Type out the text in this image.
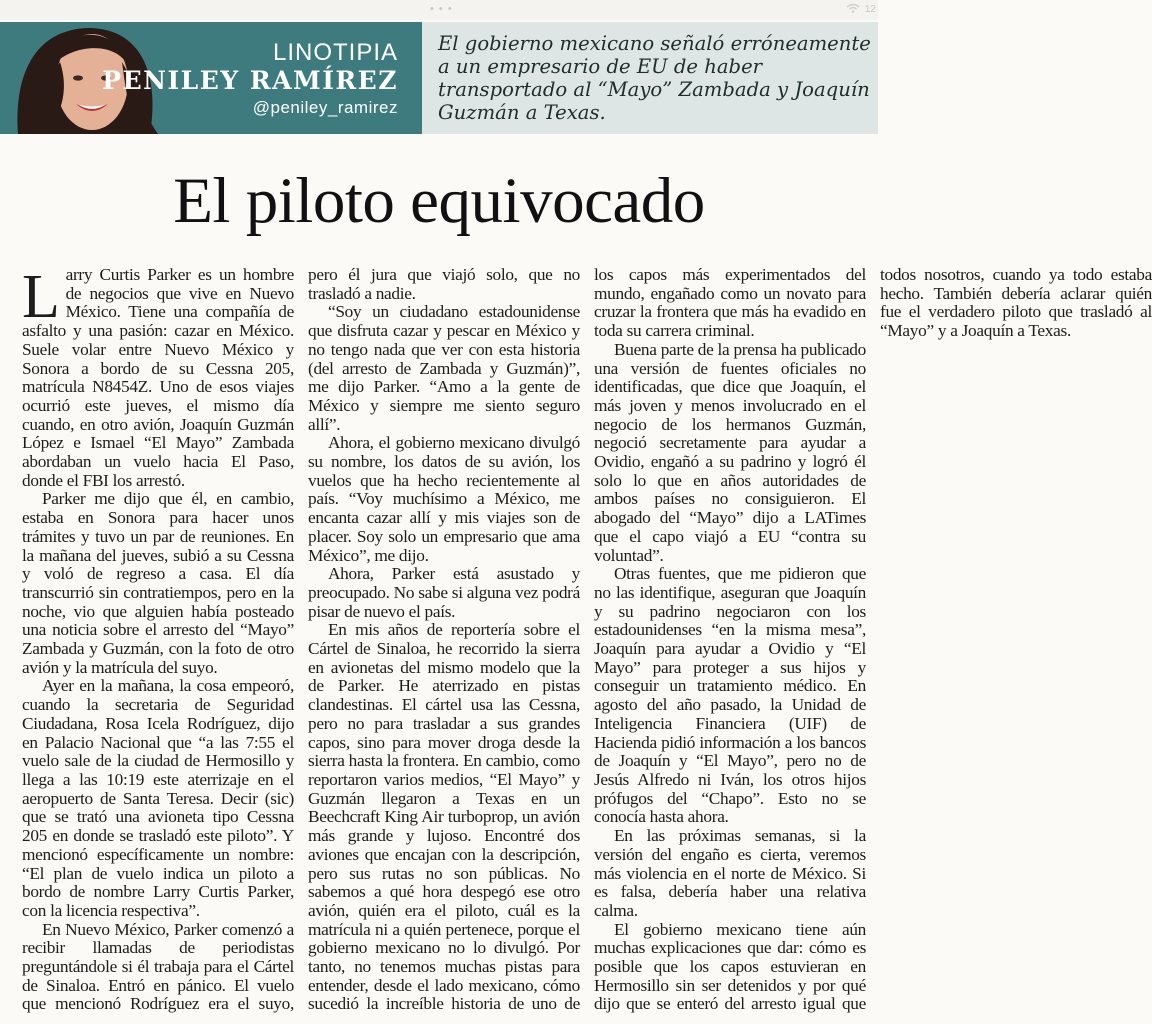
• • •	12
LINOTIPIA
PENILEY RAMÍREZ
@peniley_ramirez
El gobierno mexicano señaló erróneamente a un empresario de EU de haber transportado al “Mayo” Zambada y Joaquín Guzmán a Texas.
El piloto equivocado

Larry Curtis Parker es un hombre de negocios que vive en Nuevo México. Tiene una compañía de asfalto y una pasión: cazar en México. Suele volar entre Nuevo México y Sonora a bordo de su Cessna 205, matrícula N8454Z. Uno de esos viajes ocurrió este jueves, el mismo día cuando, en otro avión, Joaquín Guzmán López e Ismael “El Mayo” Zambada abordaban un vuelo hacia El Paso, donde el FBI los arrestó.

Parker me dijo que él, en cambio, estaba en Sonora para hacer unos trámites y tuvo un par de reuniones. En la mañana del jueves, subió a su Cessna y voló de regreso a casa. El día transcurrió sin contratiempos, pero en la noche, vio que alguien había posteado una noticia sobre el arresto del “Mayo” Zambada y Guzmán, con la foto de otro avión y la matrícula del suyo.

Ayer en la mañana, la cosa empeoró, cuando la secretaria de Seguridad Ciudadana, Rosa Icela Rodríguez, dijo en Palacio Nacional que “a las 7:55 el vuelo sale de la ciudad de Hermosillo y llega a las 10:19 este aterrizaje en el aeropuerto de Santa Teresa. Decir (sic) que se trató una avioneta tipo Cessna 205 en donde se trasladó este piloto”. Y mencionó específicamente un nombre: “El plan de vuelo indica un piloto a bordo de nombre Larry Curtis Parker, con la licencia respectiva”.

En Nuevo México, Parker comenzó a recibir llamadas de periodistas preguntándole si él trabaja para el Cártel de Sinaloa. Entró en pánico. El vuelo que mencionó Rodríguez era el suyo, pero él jura que viajó solo, que no trasladó a nadie.

“Soy un ciudadano estadounidense que disfruta cazar y pescar en México y no tengo nada que ver con esta historia (del arresto de Zambada y Guzmán)”, me dijo Parker. “Amo a la gente de México y siempre me siento seguro allí”.

Ahora, el gobierno mexicano divulgó su nombre, los datos de su avión, los vuelos que ha hecho recientemente al país. “Voy muchísimo a México, me encanta cazar allí y mis viajes son de placer. Soy solo un empresario que ama México”, me dijo.

Ahora, Parker está asustado y preocupado. No sabe si alguna vez podrá pisar de nuevo el país.

En mis años de reportería sobre el Cártel de Sinaloa, he recorrido la sierra en avionetas del mismo modelo que la de Parker. He aterrizado en pistas clandestinas. El cártel usa las Cessna, pero no para trasladar a sus grandes capos, sino para mover droga desde la sierra hasta la frontera. En cambio, como reportaron varios medios, “El Mayo” y Guzmán llegaron a Texas en un Beechcraft King Air turboprop, un avión más grande y lujoso. Encontré dos aviones que encajan con la descripción, pero sus rutas no son públicas. No sabemos a qué hora despegó ese otro avión, quién era el piloto, cuál es la matrícula ni a quién pertenece, porque el gobierno mexicano no lo divulgó. Por tanto, no tenemos muchas pistas para entender, desde el lado mexicano, cómo sucedió la increíble historia de uno de los capos más experimentados del mundo, engañado como un novato para cruzar la frontera que más ha evadido en toda su carrera criminal.

Buena parte de la prensa ha publicado una versión de fuentes oficiales no identificadas, que dice que Joaquín, el más joven y menos involucrado en el negocio de los hermanos Guzmán, negoció secretamente para ayudar a Ovidio, engañó a su padrino y logró él solo lo que en años autoridades de ambos países no consiguieron. El abogado del “Mayo” dijo a LATimes que el capo viajó a EU “contra su voluntad”.

Otras fuentes, que me pidieron que no las identifique, aseguran que Joaquín y su padrino negociaron con los estadounidenses “en la misma mesa”, Joaquín para ayudar a Ovidio y “El Mayo” para proteger a sus hijos y conseguir un tratamiento médico. En agosto del año pasado, la Unidad de Inteligencia Financiera (UIF) de Hacienda pidió información a los bancos de Joaquín y “El Mayo”, pero no de Jesús Alfredo ni Iván, los otros hijos prófugos del “Chapo”. Esto no se conocía hasta ahora.

En las próximas semanas, si la versión del engaño es cierta, veremos más violencia en el norte de México. Si es falsa, debería haber una relativa calma.

El gobierno mexicano tiene aún muchas explicaciones que dar: cómo es posible que los capos estuvieran en Hermosillo sin ser detenidos y por qué dijo que se enteró del arresto igual que todos nosotros, cuando ya todo estaba hecho. También debería aclarar quién fue el verdadero piloto que trasladó al “Mayo” y a Joaquín a Texas.
